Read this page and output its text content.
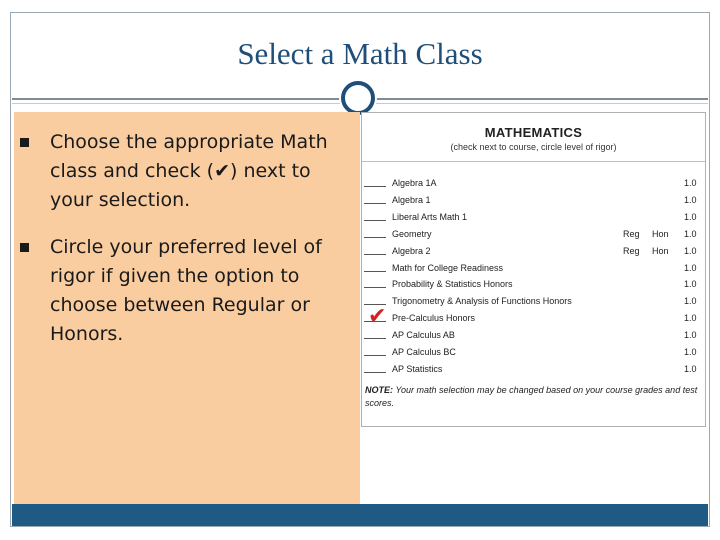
Select a Math Class
Choose the appropriate Math class and check (✔) next to your selection.
Circle your preferred level of rigor if given the option to choose between Regular or Honors.
MATHEMATICS
(check next to course, circle level of rigor)
Algebra 1A	1.0
Algebra 1	1.0
Liberal Arts Math 1	1.0
Geometry	Reg Hon 1.0
Algebra 2	Reg Hon 1.0
Math for College Readiness	1.0
Probability & Statistics Honors	1.0
Trigonometry & Analysis of Functions Honors	1.0
✔ Pre-Calculus Honors	1.0
AP Calculus AB	1.0
AP Calculus BC	1.0
AP Statistics	1.0
NOTE: Your math selection may be changed based on your course grades and test scores.
